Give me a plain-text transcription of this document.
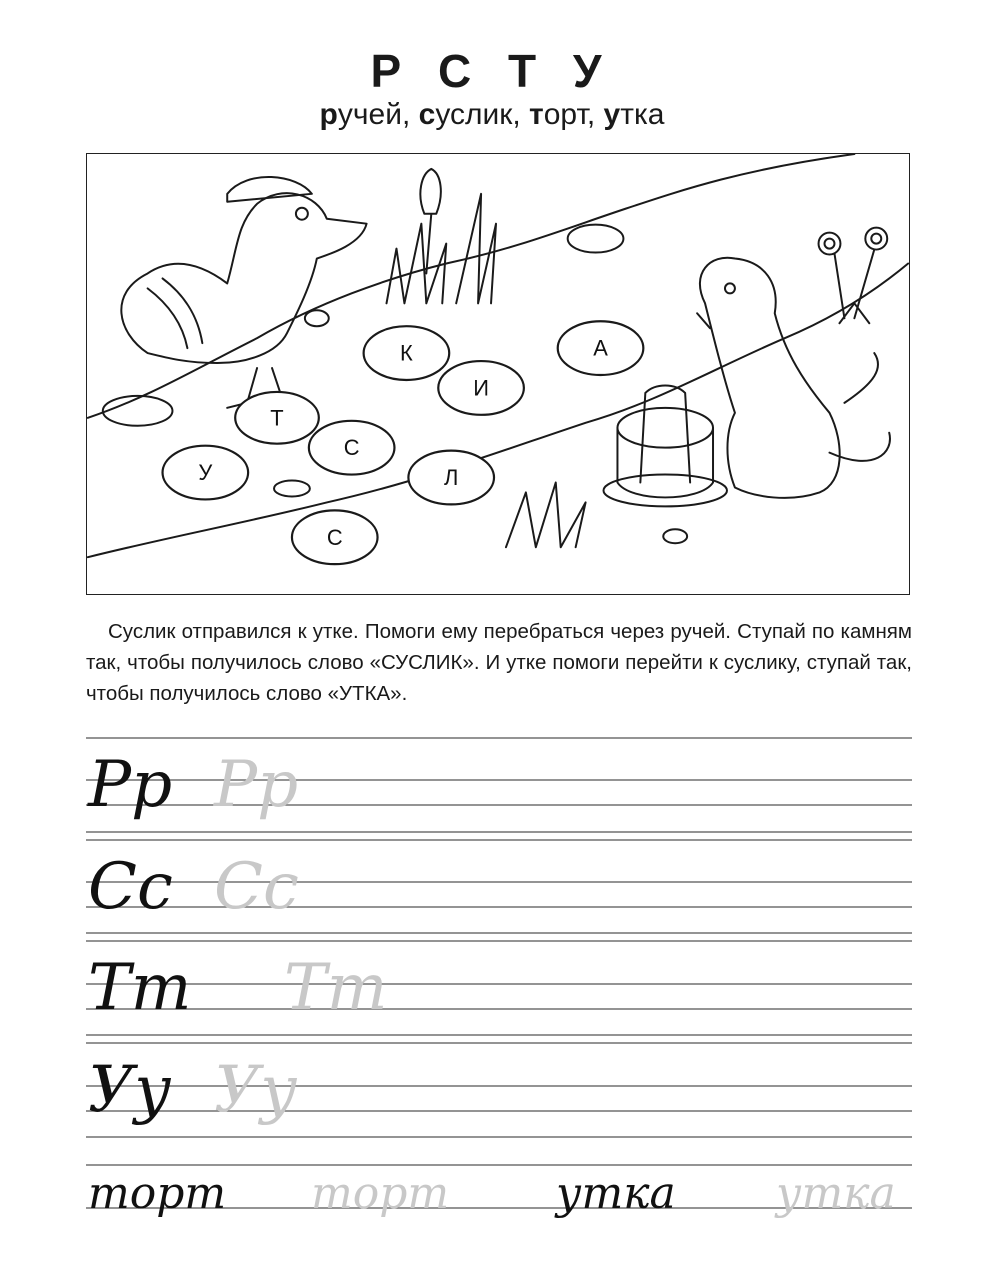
Р С Т У
ручей, суслик, торт, утка
К	А
И
Т
С
У	Л
С

Суслик отправился к утке. Помоги ему перебраться через ручей. Ступай по камням так, чтобы получилось слово «СУСЛИК». И утке помоги перейти к суслику, ступай так, чтобы получилось слово «УТКА».

Рр Рр
Сс Сс
Тт Тт
Уу Уу
торт торт утка утка
